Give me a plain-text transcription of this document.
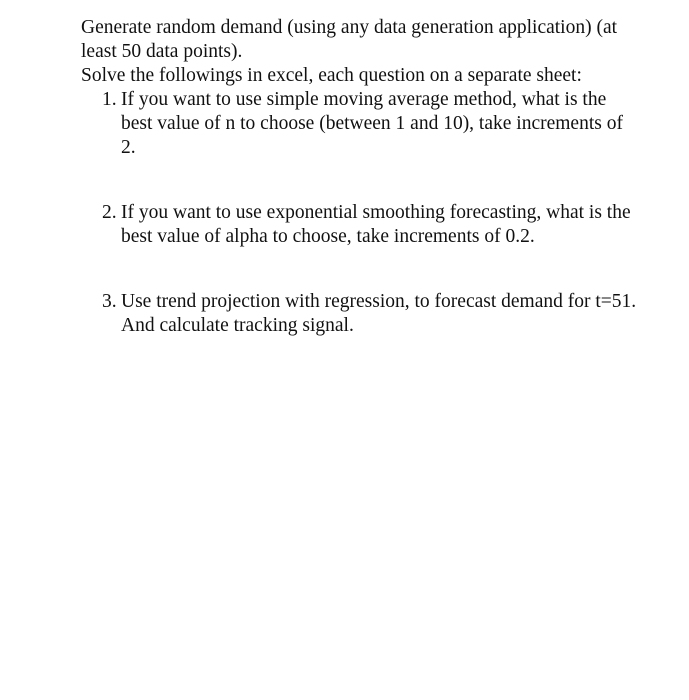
Generate random demand (using any data generation application) (at least 50 data points).

Solve the followings in excel, each question on a separate sheet:

1. If you want to use simple moving average method, what is the best value of n to choose (between 1 and 10), take increments of 2.
2. If you want to use exponential smoothing forecasting, what is the best value of alpha to choose, take increments of 0.2.
3. Use trend projection with regression, to forecast demand for t=51. And calculate tracking signal.
